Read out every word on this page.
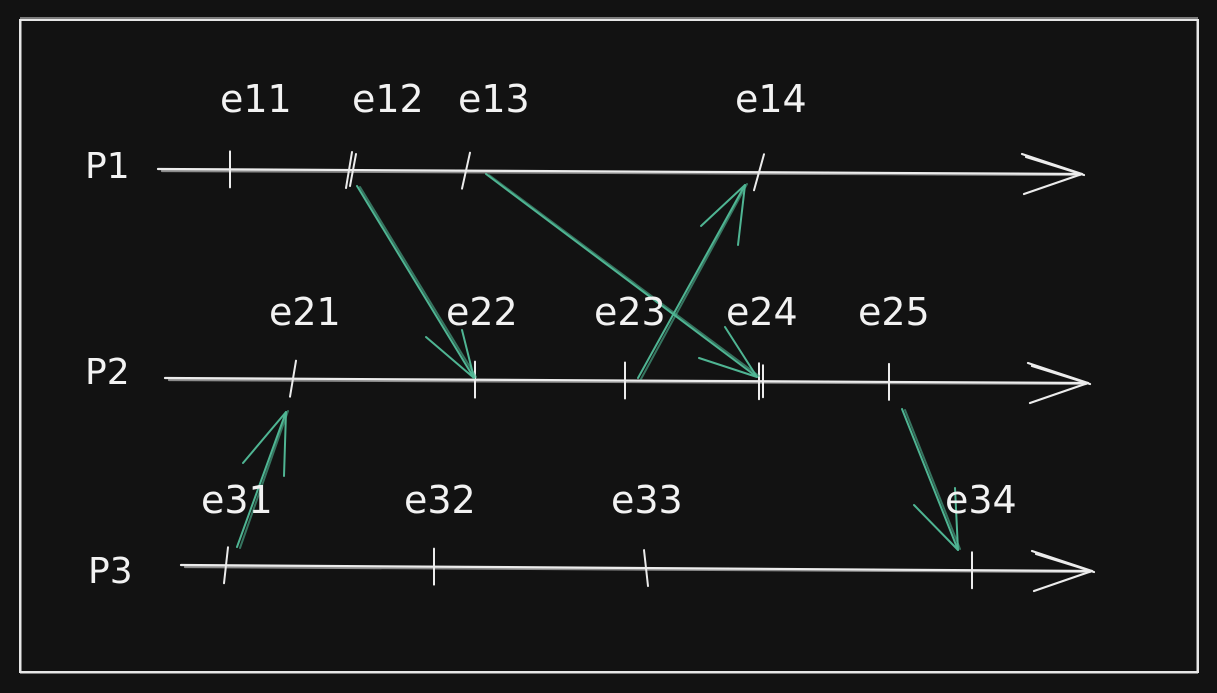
P1
e11 e12 e13	e14
P2
e21	e22 e23 e24 e25
P3
e31	e32	e33	e34
